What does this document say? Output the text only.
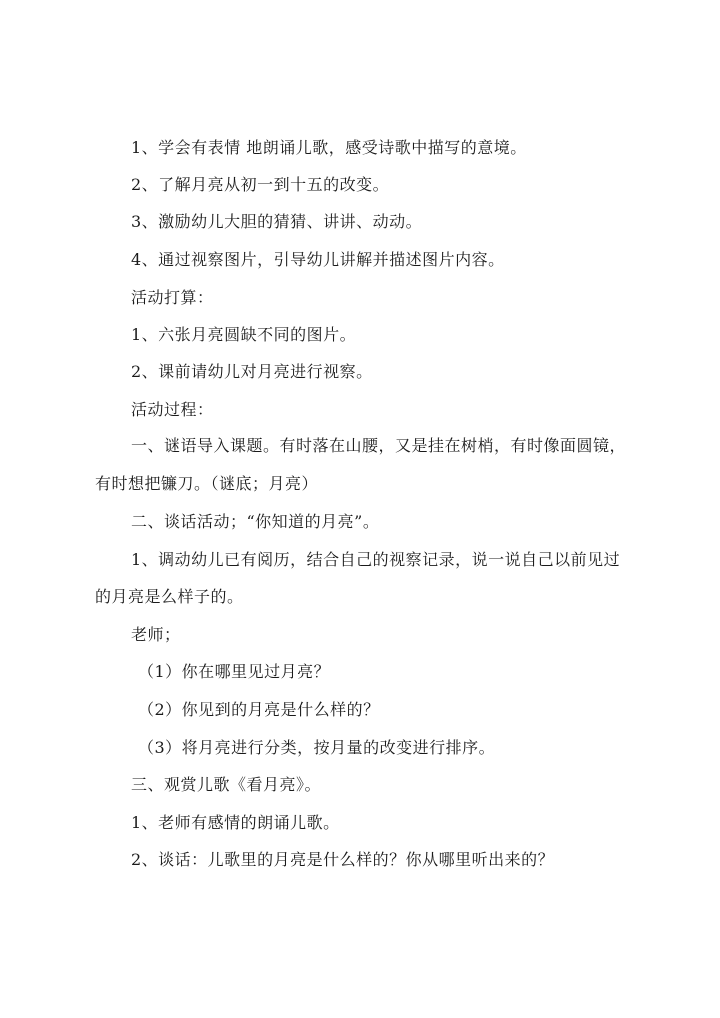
1、学会有表情 地朗诵儿歌，感受诗歌中描写的意境。
2、了解月亮从初一到十五的改变。
3、激励幼儿大胆的猜猜、讲讲、动动。
4、通过视察图片，引导幼儿讲解并描述图片内容。
活动打算：
1、六张月亮圆缺不同的图片。
2、课前请幼儿对月亮进行视察。
活动过程：
一、谜语导入课题。有时落在山腰，又是挂在树梢，有时像面圆镜，
有时想把镰刀。（谜底；月亮）
二、谈话活动；“你知道的月亮”。
1、调动幼儿已有阅历，结合自己的视察记录，说一说自己以前见过
的月亮是么样子的。
老师；
（1）你在哪里见过月亮？
（2）你见到的月亮是什么样的？
（3）将月亮进行分类，按月量的改变进行排序。
三、观赏儿歌《看月亮》。
1、老师有感情的朗诵儿歌。
2、谈话：儿歌里的月亮是什么样的？你从哪里听出来的？
